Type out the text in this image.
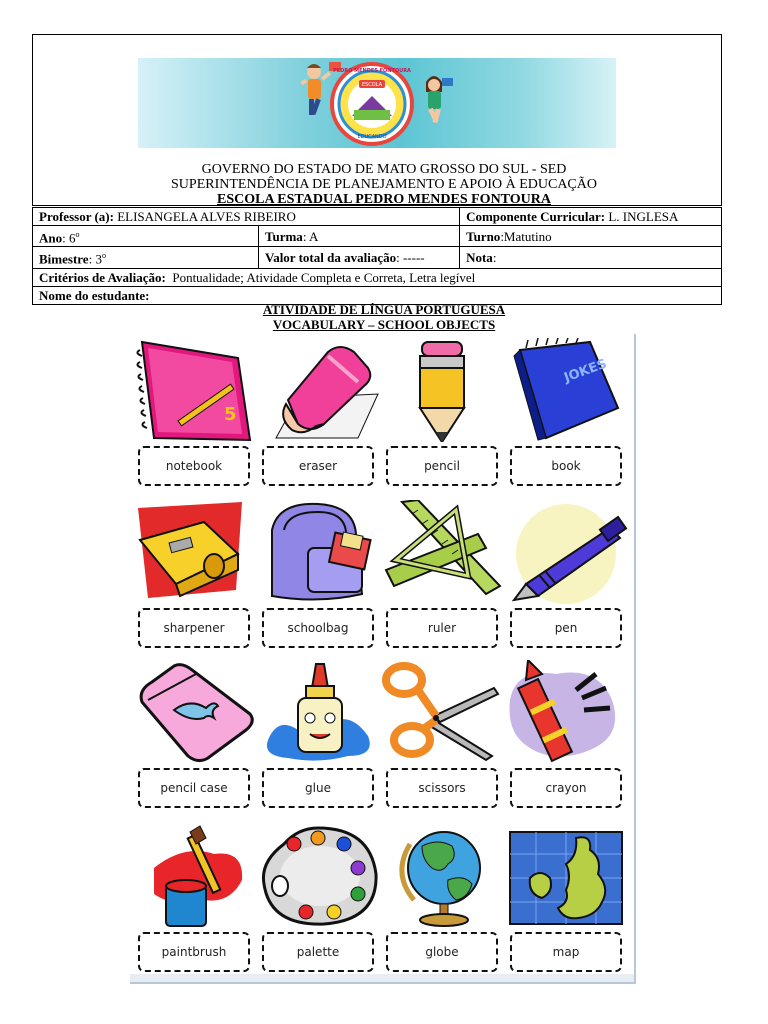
ESCOLA
PEDRO MENDES FONTOURA
EDUCANDO
GOVERNO DO ESTADO DE MATO GROSSO DO SUL - SED
SUPERINTENDÊNCIA DE PLANEJAMENTO E APOIO À EDUCAÇÃO
ESCOLA ESTADUAL PEDRO MENDES FONTOURA
Professor (a): ELISANGELA ALVES RIBEIRO		Componente Curricular: L. INGLESA
Ano: 6$^o$	Turma: A	Turno:Matutino
Bimestre: 3$^o$	Valor total da avaliação: -----	Nota:
Critérios de Avaliação: Pontualidade; Atividade Completa e Correta, Letra legível		
Nome do estudante:		
ATIVIDADE DE LÍNGUA PORTUGUESA
VOCABULARY – SCHOOL OBJECTS
5
notebook	eraser	pencil
JOKES
book
sharpener	schoolbag	ruler	pen
pencil case	glue	scissors	crayon
paintbrush	palette	globe	map
